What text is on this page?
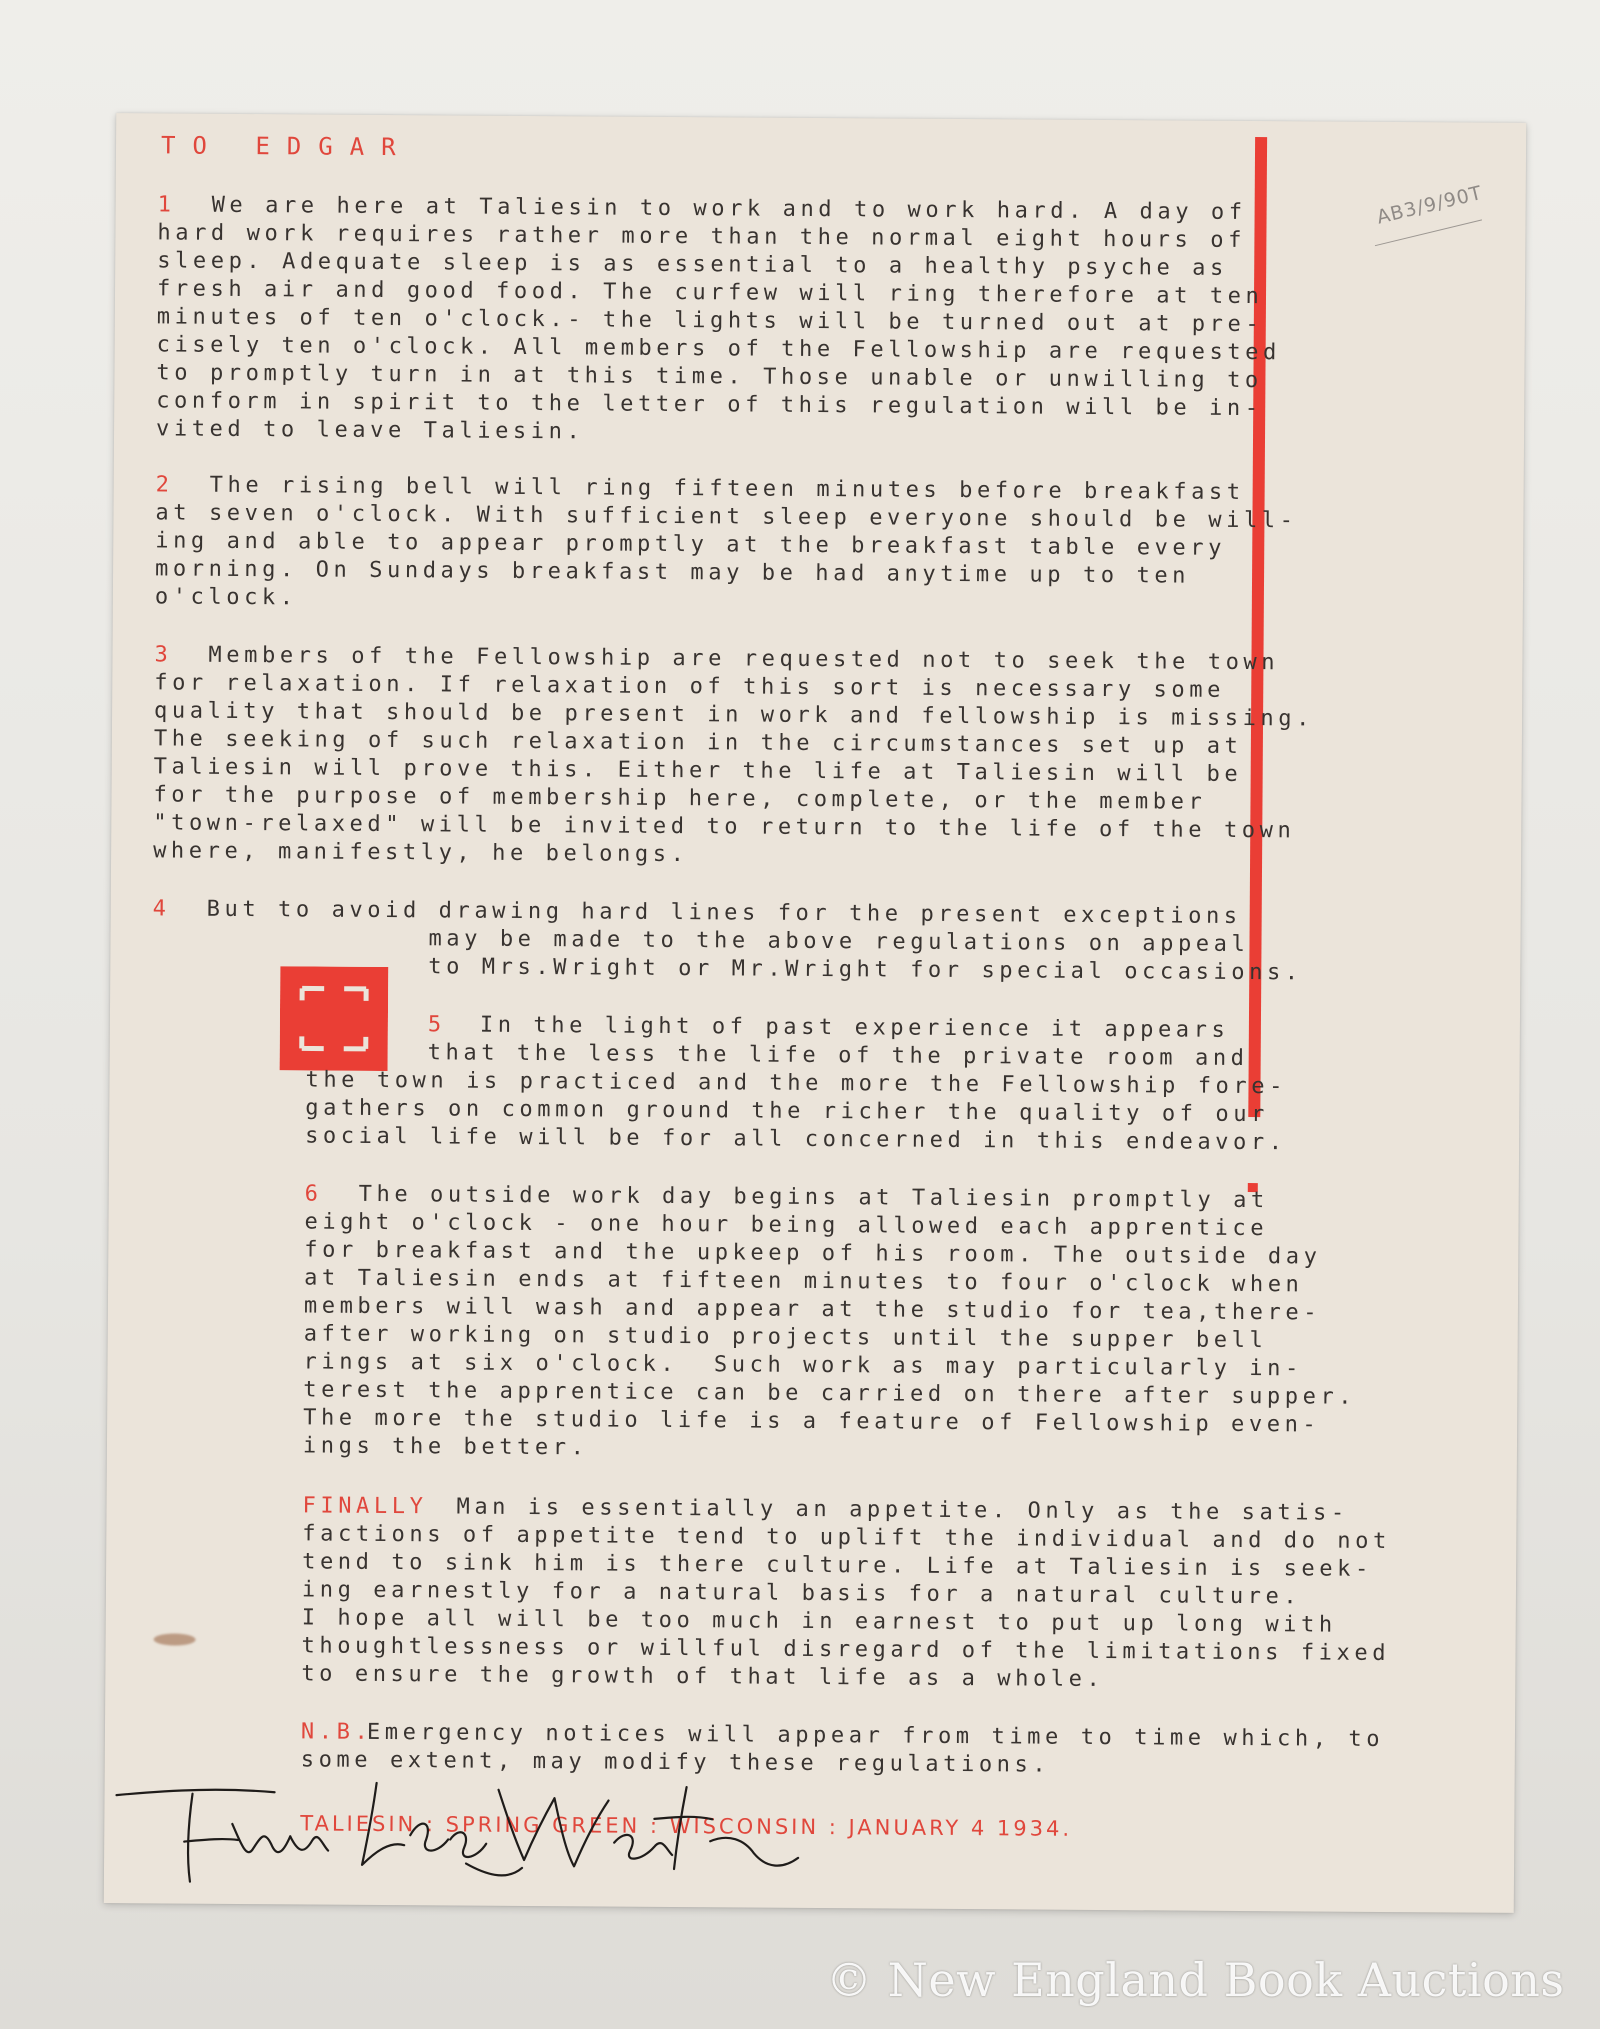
TO EDGAR

AB3/9/90T

1 We are here at Taliesin to work and to work hard. A day of

hard work requires rather more than the normal eight hours of

sleep. Adequate sleep is as essential to a healthy psyche as

fresh air and good food. The curfew will ring therefore at ten

minutes of ten o'clock.- the lights will be turned out at pre-

cisely ten o'clock. All members of the Fellowship are requested

to promptly turn in at this time. Those unable or unwilling to

conform in spirit to the letter of this regulation will be in-

vited to leave Taliesin.

2 The rising bell will ring fifteen minutes before breakfast

at seven o'clock. With sufficient sleep everyone should be will-

ing and able to appear promptly at the breakfast table every

morning. On Sundays breakfast may be had anytime up to ten

o'clock.

3 Members of the Fellowship are requested not to seek the town

for relaxation. If relaxation of this sort is necessary some

quality that should be present in work and fellowship is missing.

The seeking of such relaxation in the circumstances set up at

Taliesin will prove this. Either the life at Taliesin will be

for the purpose of membership here, complete, or the member

"town-relaxed" will be invited to return to the life of the town

where, manifestly, he belongs.

4 But to avoid drawing hard lines for the present exceptions

may be made to the above regulations on appeal

to Mrs.Wright or Mr.Wright for special occasions.

5 In the light of past experience it appears

that the less the life of the private room and

the town is practiced and the more the Fellowship fore-

gathers on common ground the richer the quality of our

social life will be for all concerned in this endeavor.

6 The outside work day begins at Taliesin promptly at

eight o'clock - one hour being allowed each apprentice

for breakfast and the upkeep of his room. The outside day

at Taliesin ends at fifteen minutes to four o'clock when

members will wash and appear at the studio for tea,there-

after working on studio projects until the supper bell

rings at six o'clock.  Such work as may particularly in-

terest the apprentice can be carried on there after supper.

The more the studio life is a feature of Fellowship even-

ings the better.

FINALLY Man is essentially an appetite. Only as the satis-

factions of appetite tend to uplift the individual and do not

tend to sink him is there culture. Life at Taliesin is seek-

ing earnestly for a natural basis for a natural culture.

I hope all will be too much in earnest to put up long with

thoughtlessness or willful disregard of the limitations fixed

to ensure the growth of that life as a whole.

N.B.

Emergency notices will appear from time to time which, to

some extent, may modify these regulations.

TALIESIN : SPRING GREEN : WISCONSIN : JANUARY 4 1934.

© New England Book Auctions
